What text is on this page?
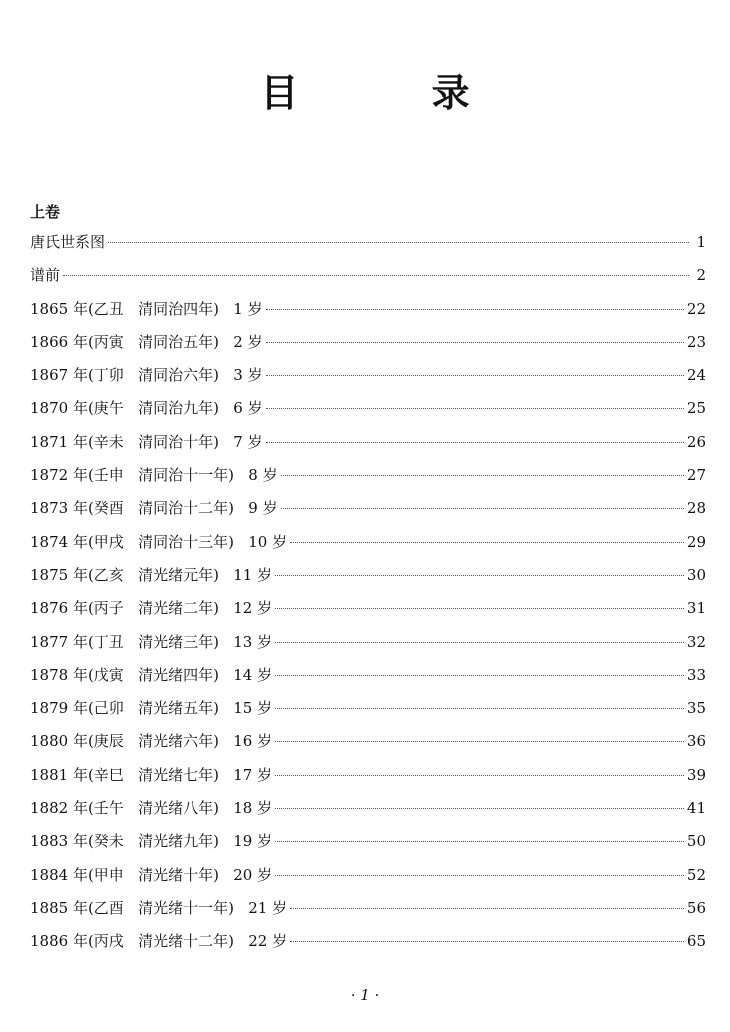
目 录
上卷
唐氏世系图	1
谱前	2
1865 年(乙丑   清同治四年)   1 岁	22
1866 年(丙寅   清同治五年)   2 岁	23
1867 年(丁卯   清同治六年)   3 岁	24
1870 年(庚午   清同治九年)   6 岁	25
1871 年(辛未   清同治十年)   7 岁	26
1872 年(壬申   清同治十一年)   8 岁	27
1873 年(癸酉   清同治十二年)   9 岁	28
1874 年(甲戌   清同治十三年)   10 岁	29
1875 年(乙亥   清光绪元年)   11 岁	30
1876 年(丙子   清光绪二年)   12 岁	31
1877 年(丁丑   清光绪三年)   13 岁	32
1878 年(戊寅   清光绪四年)   14 岁	33
1879 年(己卯   清光绪五年)   15 岁	35
1880 年(庚辰   清光绪六年)   16 岁	36
1881 年(辛巳   清光绪七年)   17 岁	39
1882 年(壬午   清光绪八年)   18 岁	41
1883 年(癸未   清光绪九年)   19 岁	50
1884 年(甲申   清光绪十年)   20 岁	52
1885 年(乙酉   清光绪十一年)   21 岁	56
1886 年(丙戌   清光绪十二年)   22 岁	65
· 1 ·
